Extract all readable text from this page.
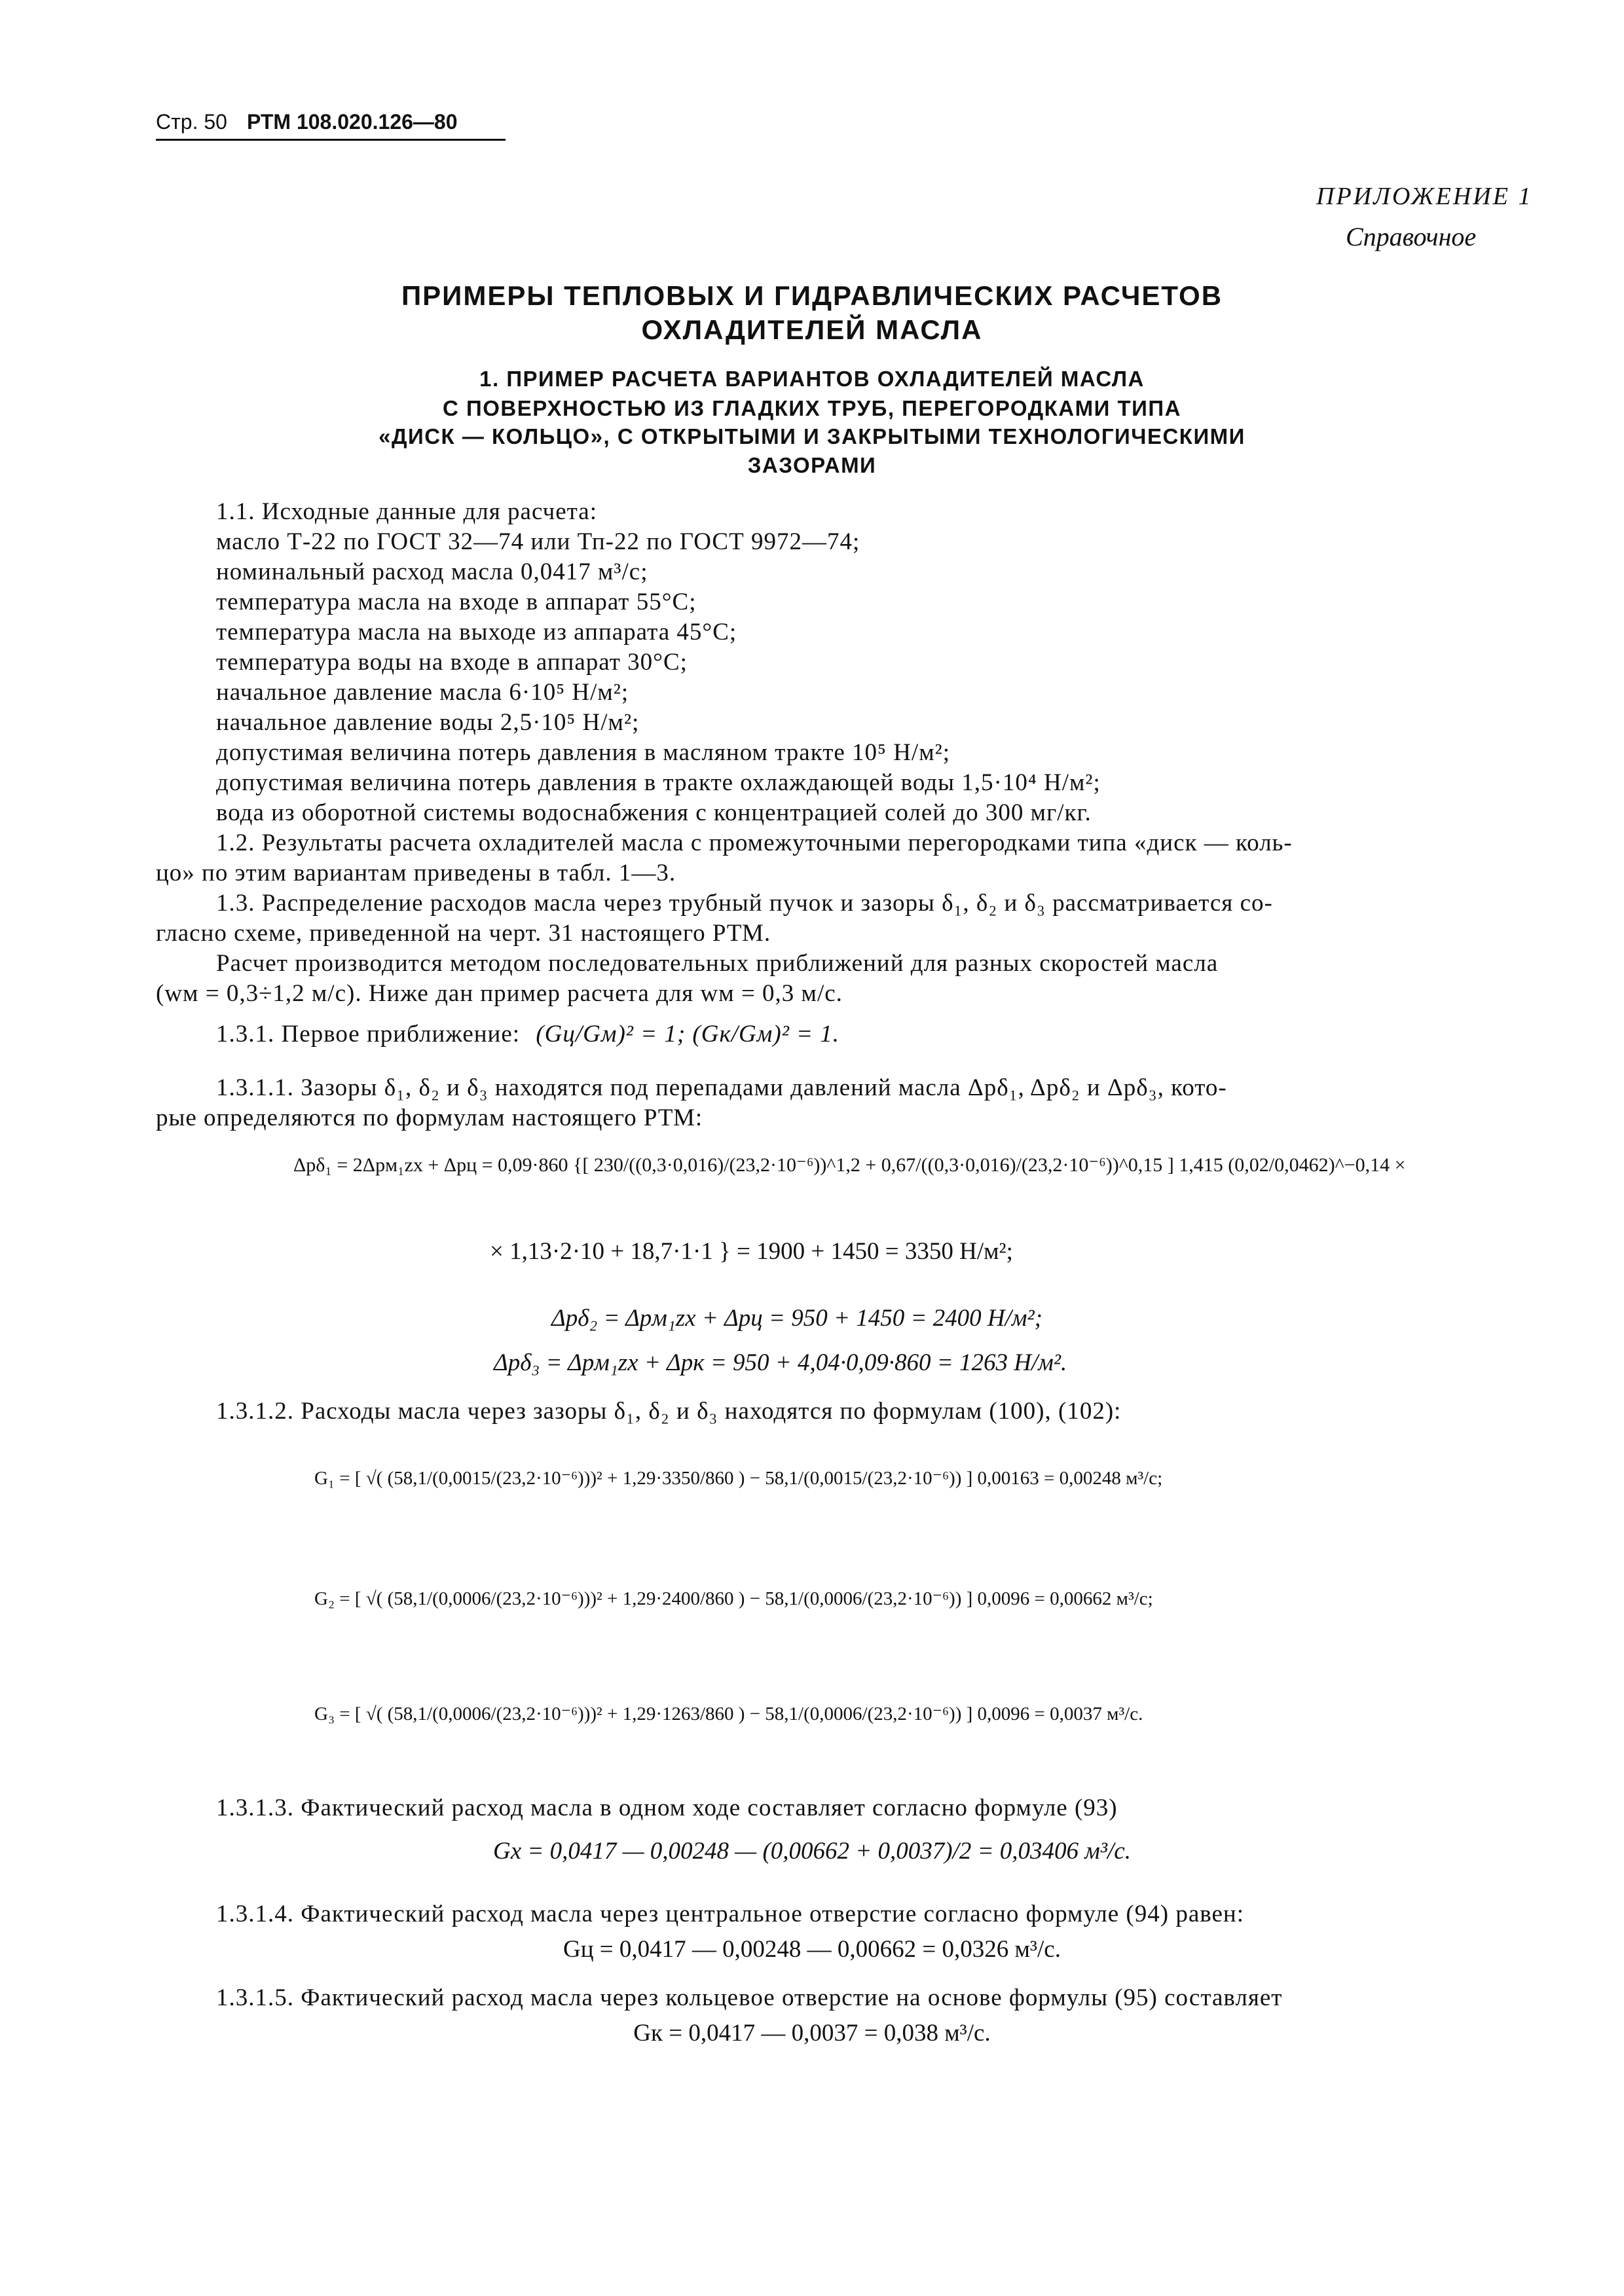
Стр. 50 РТМ 108.020.126—80
ПРИЛОЖЕНИЕ 1
Справочное
ПРИМЕРЫ ТЕПЛОВЫХ И ГИДРАВЛИЧЕСКИХ РАСЧЕТОВ
ОХЛАДИТЕЛЕЙ МАСЛА
1. ПРИМЕР РАСЧЕТА ВАРИАНТОВ ОХЛАДИТЕЛЕЙ МАСЛА
С ПОВЕРХНОСТЬЮ ИЗ ГЛАДКИХ ТРУБ, ПЕРЕГОРОДКАМИ ТИПА
«ДИСК — КОЛЬЦО», С ОТКРЫТЫМИ И ЗАКРЫТЫМИ ТЕХНОЛОГИЧЕСКИМИ
ЗАЗОРАМИ
1.1. Исходные данные для расчета:
масло Т-22 по ГОСТ 32—74 или Тп-22 по ГОСТ 9972—74;
номинальный расход масла 0,0417 м³/с;
температура масла на входе в аппарат 55°С;
температура масла на выходе из аппарата 45°С;
температура воды на входе в аппарат 30°С;
начальное давление масла 6·10⁵ Н/м²;
начальное давление воды 2,5·10⁵ Н/м²;
допустимая величина потерь давления в масляном тракте 10⁵ Н/м²;
допустимая величина потерь давления в тракте охлаждающей воды 1,5·10⁴ Н/м²;
вода из оборотной системы водоснабжения с концентрацией солей до 300 мг/кг.
1.2. Результаты расчета охладителей масла с промежуточными перегородками типа «диск — коль-
цо» по этим вариантам приведены в табл. 1—3.
1.3. Распределение расходов масла через трубный пучок и зазоры δ₁, δ₂ и δ₃ рассматривается со-
гласно схеме, приведенной на черт. 31 настоящего РТМ.
Расчет производится методом последовательных приближений для разных скоростей масла
(wм = 0,3÷1,2 м/с). Ниже дан пример расчета для wм = 0,3 м/с.
1.3.1. Первое приближение: (Gц/Gм)² = 1; (Gк/Gм)² = 1.
1.3.1.1. Зазоры δ₁, δ₂ и δ₃ находятся под перепадами давлений масла Δpδ₁, Δpδ₂ и Δpδ₃, кото-
рые определяются по формулам настоящего РТМ:
Δpδ₁ = 2Δpм₁zx + Δpц = 0,09·860 {[ 230/((0,3·0,016)/(23,2·10⁻⁶))^1,2 + 0,67/((0,3·0,016)/(23,2·10⁻⁶))^0,15 ] 1,415 (0,02/0,0462)^−0,14 ×
× 1,13·2·10 + 18,7·1·1 } = 1900 + 1450 = 3350 Н/м²;
Δpδ₂ = Δpм₁zx + Δpц = 950 + 1450 = 2400 Н/м²;
Δpδ₃ = Δpм₁zx + Δpк = 950 + 4,04·0,09·860 = 1263 Н/м².
1.3.1.2. Расходы масла через зазоры δ₁, δ₂ и δ₃ находятся по формулам (100), (102):
G₁ = [ √( (58,1/(0,0015/(23,2·10⁻⁶)))² + 1,29·3350/860 ) − 58,1/(0,0015/(23,2·10⁻⁶)) ] 0,00163 = 0,00248 м³/с;
G₂ = [ √( (58,1/(0,0006/(23,2·10⁻⁶)))² + 1,29·2400/860 ) − 58,1/(0,0006/(23,2·10⁻⁶)) ] 0,0096 = 0,00662 м³/с;
G₃ = [ √( (58,1/(0,0006/(23,2·10⁻⁶)))² + 1,29·1263/860 ) − 58,1/(0,0006/(23,2·10⁻⁶)) ] 0,0096 = 0,0037 м³/с.
1.3.1.3. Фактический расход масла в одном ходе составляет согласно формуле (93)
Gx = 0,0417 — 0,00248 — (0,00662 + 0,0037)/2 = 0,03406 м³/с.
1.3.1.4. Фактический расход масла через центральное отверстие согласно формуле (94) равен:
Gц = 0,0417 — 0,00248 — 0,00662 = 0,0326 м³/с.
1.3.1.5. Фактический расход масла через кольцевое отверстие на основе формулы (95) составляет
Gк = 0,0417 — 0,0037 = 0,038 м³/с.
